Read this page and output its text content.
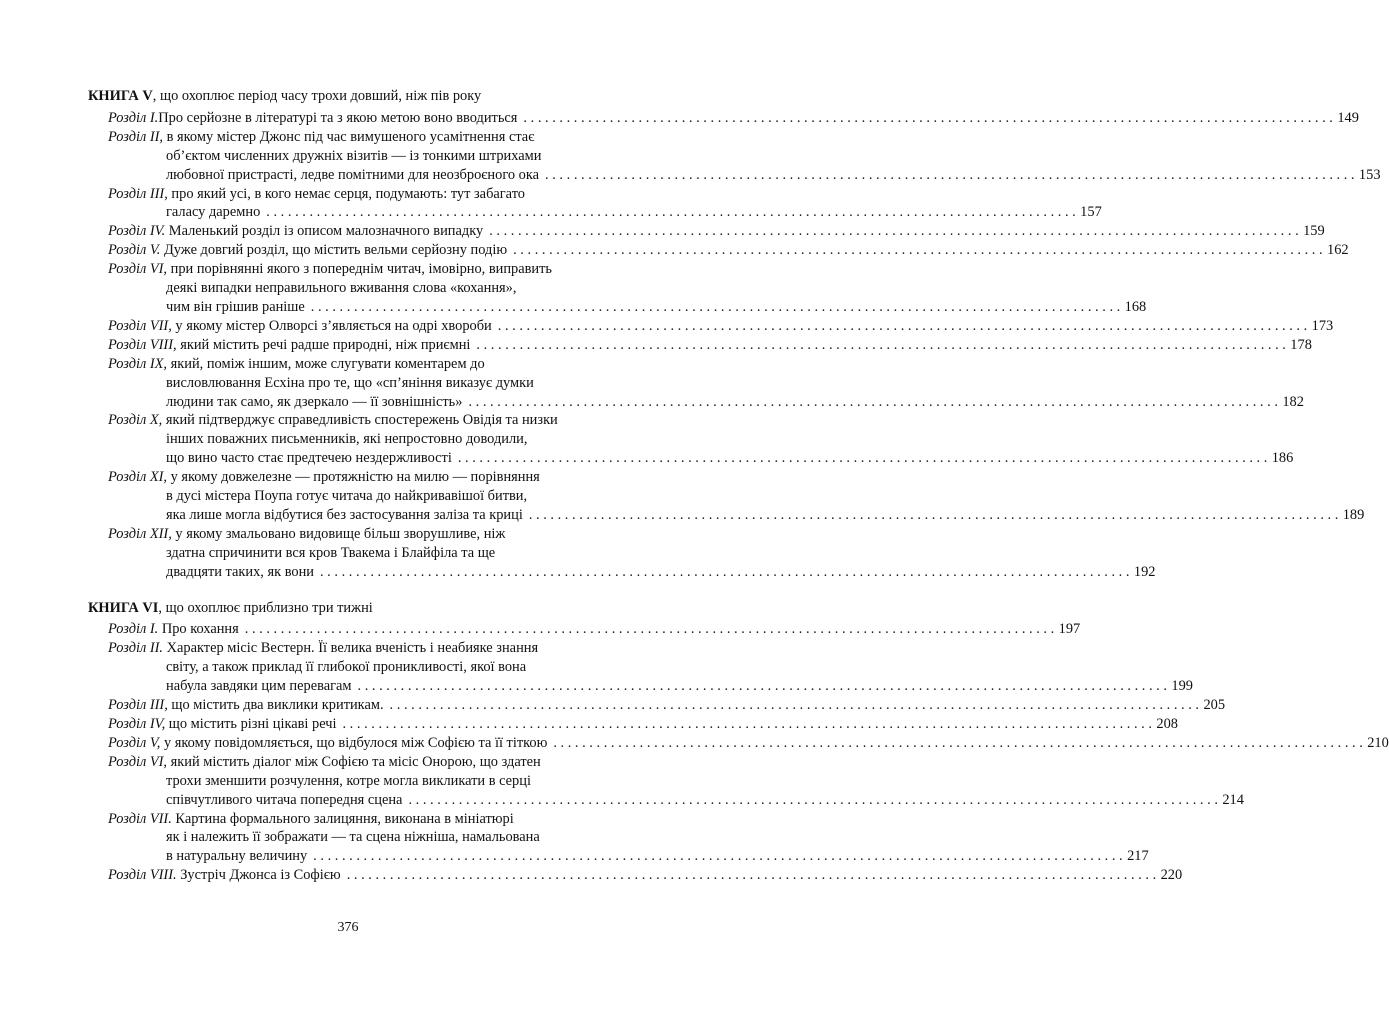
КНИГА V, що охоплює період часу трохи довший, ніж пів року
Розділ I.Про серйозне в літературі та з якою метою воно вводиться . . .	149
Розділ II, в якому містер Джонс під час вимушеного усамітнення стає
об’єктом численних дружніх візитів — із тонкими штрихами
любовної пристрасті, ледве помітними для неозброєного ока . . .	153
Розділ III, про який усі, в кого немає серця, подумають: тут забагато
галасу даремно . . .	157
Розділ IV. Маленький розділ із описом малозначного випадку . . .	159
Розділ V. Дуже довгий розділ, що містить вельми серйозну подію . . .	162
Розділ VI, при порівнянні якого з попереднім читач, імовірно, виправить
деякі випадки неправильного вживання слова «кохання»,
чим він грішив раніше . . .	168
Розділ VII, у якому містер Олворсі з’являється на одрі хвороби . . .	173
Розділ VIII, який містить речі радше природні, ніж приємні . . .	178
Розділ IX, який, поміж іншим, може слугувати коментарем до
висловлювання Есхіна про те, що «сп’яніння виказує думки
людини так само, як дзеркало — її зовнішність» . . .	182
Розділ X, який підтверджує справедливість спостережень Овідія та низки
інших поважних письменників, які непростовно доводили,
що вино часто стає предтечею нездержливості . . .	186
Розділ XI, у якому довжелезне — протяжністю на милю — порівняння
в дусі містера Поупа готує читача до найкривавішої битви,
яка лише могла відбутися без застосування заліза та криці . . .	189
Розділ XII, у якому змальовано видовище більш зворушливе, ніж
здатна спричинити вся кров Твакема і Блайфіла та ще
двадцяти таких, як вони . . .	192
КНИГА VI, що охоплює приблизно три тижні
Розділ I. Про кохання . . .	197
Розділ II. Характер місіс Вестерн. Її велика вченість і неабияке знання
світу, а також приклад її глибокої проникливості, якої вона
набула завдяки цим перевагам . . .	199
Розділ III, що містить два виклики критикам. . . .	205
Розділ IV, що містить різні цікаві речі . . .	208
Розділ V, у якому повідомляється, що відбулося між Софією та її тіткою . . .	210
Розділ VI, який містить діалог між Софією та місіс Онорою, що здатен
трохи зменшити розчулення, котре могла викликати в серці
співчутливого читача попередня сцена . . .	214
Розділ VII. Картина формального залицяння, виконана в мініатюрі
як і належить її зображати — та сцена ніжніша, намальована
в натуральну величину . . .	217
Розділ VIII. Зустріч Джонса із Софією . . .	220
376
